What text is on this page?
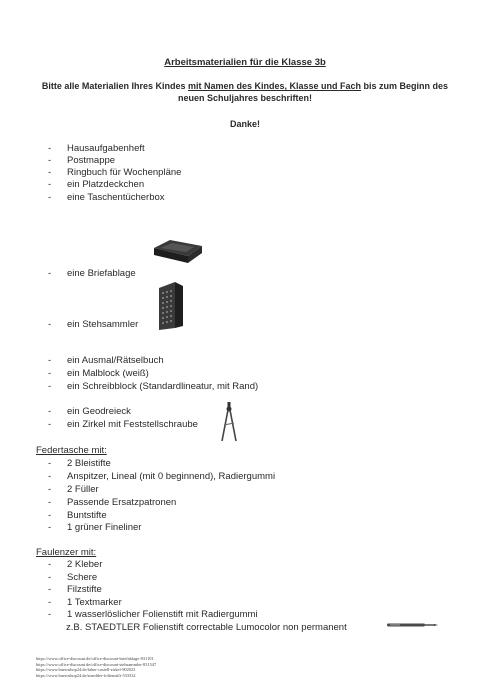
Arbeitsmaterialien für die Klasse 3b
Bitte alle Materialien Ihres Kindes mit Namen des Kindes, Klasse und Fach bis zum Beginn des neuen Schuljahres beschriften!
Danke!
- Hausaufgabenheft
- Postmappe
- Ringbuch für Wochenpläne
- ein Platzdeckchen
- eine Taschentücherbox
- eine Briefablage
- ein Stehsammler
- ein Ausmal/Rätselbuch
- ein Malblock (weiß)
- ein Schreibblock (Standardlineatur, mit Rand)
- ein Geodreieck
- ein Zirkel mit Feststellschraube
Federtasche mit:
- 2 Bleistifte
- Anspitzer, Lineal (mit 0 beginnend), Radiergummi
- 2 Füller
- Passende Ersatzpatronen
- Buntstifte
- 1 grüner Fineliner
Faulenzer mit:
- 2 Kleber
- Schere
- Filzstifte
- 1 Textmarker
- 1 wasserlöslicher Folienstift mit Radiergummi
z.B. STAEDTLER Folienstift correctable Lumocolor non permanent
https://www.office-discount.de/office-discount-briefablage-831101
https://www.office-discount.de/office-discount-stehsammler-831547
https://www.bueroshop24.de/faber-castell-zirkel-902023
https://www.bueroshop24.de/staedtler-folienstift-533332
